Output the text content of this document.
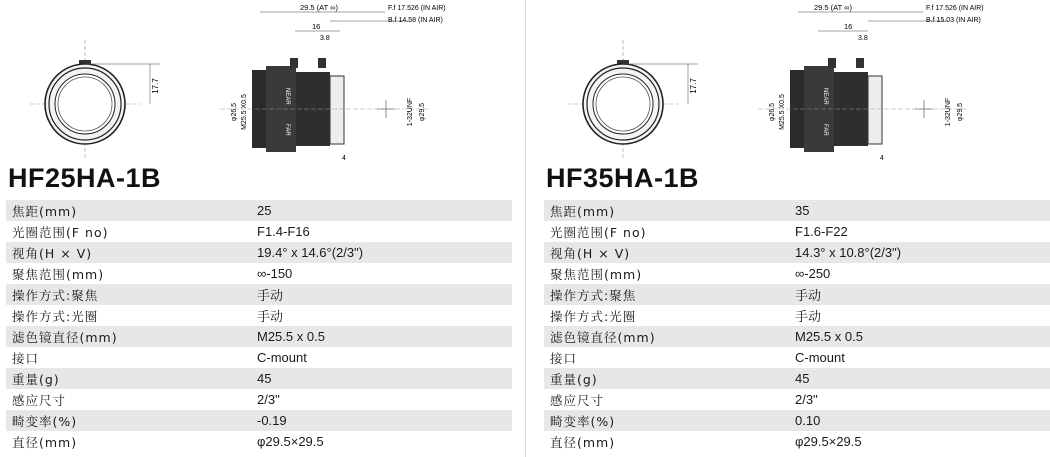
17.7
29.5 (AT ∞)	F.f 17.526 (IN AIR)
B.f 14.58 (IN AIR)
16
3.8
NEAR
FAR
φ26.5 M25.5 X0.5	1-32UNF φ29.5
4
HF25HA-1B
焦距(mm)	25
光圈范围(F no)	F1.4-F16
视角(H × V)	19.4° x 14.6°(2/3")
聚焦范围(mm)	∞-150
操作方式:聚焦	手动
操作方式:光圈	手动
滤色镜直径(mm)	M25.5 x 0.5
接口	C-mount
重量(g)	45
感应尺寸	2/3"
畸变率(%)	-0.19
直径(mm)	φ29.5×29.5
17.7
29.5 (AT ∞)	F.f 17.526 (IN AIR)
B.f 15.03 (IN AIR)
16
3.8
NEAR
FAR
φ26.5 M25.5 X0.5	1-32UNF φ29.5
4
HF35HA-1B
焦距(mm)	35
光圈范围(F no)	F1.6-F22
视角(H × V)	14.3° x 10.8°(2/3")
聚焦范围(mm)	∞-250
操作方式:聚焦	手动
操作方式:光圈	手动
滤色镜直径(mm)	M25.5 x 0.5
接口	C-mount
重量(g)	45
感应尺寸	2/3"
畸变率(%)	0.10
直径(mm)	φ29.5×29.5
